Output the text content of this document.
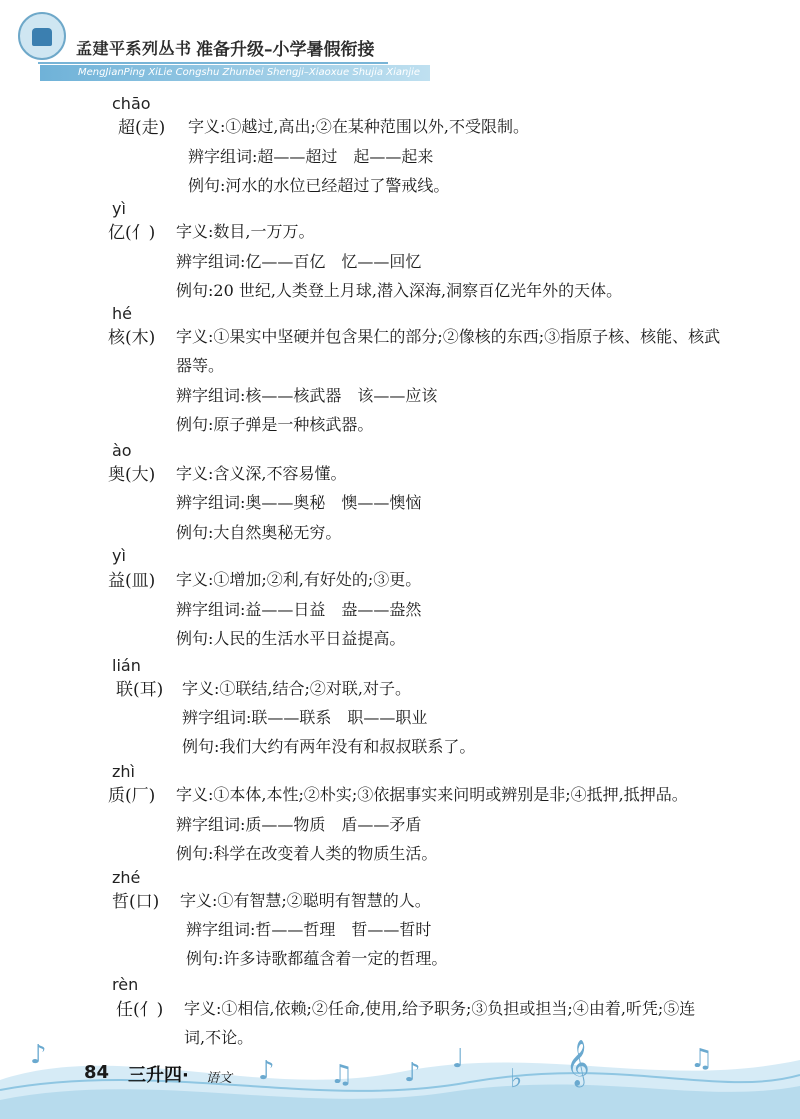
孟建平系列丛书 准备升级–小学暑假衔接
MengJianPing XiLie Congshu Zhunbei Shengji–Xiaoxue Shujia Xianjie
chāo
超(走) 字义:①越过,高出;②在某种范围以外,不受限制。
辨字组词:超——超过　起——起来
例句:河水的水位已经超过了警戒线。
yì
亿(亻) 字义:数目,一万万。
辨字组词:亿——百亿　忆——回忆
例句:20 世纪,人类登上月球,潜入深海,洞察百亿光年外的天体。
hé
核(木) 字义:①果实中坚硬并包含果仁的部分;②像核的东西;③指原子核、核能、核武
器等。
辨字组词:核——核武器　该——应该
例句:原子弹是一种核武器。
ào
奥(大) 字义:含义深,不容易懂。
辨字组词:奥——奥秘　懊——懊恼
例句:大自然奥秘无穷。
yì
益(皿) 字义:①增加;②利,有好处的;③更。
辨字组词:益——日益　盎——盎然
例句:人民的生活水平日益提高。
lián
联(耳) 字义:①联结,结合;②对联,对子。
辨字组词:联——联系　职——职业
例句:我们大约有两年没有和叔叔联系了。
zhì
质(厂) 字义:①本体,本性;②朴实;③依据事实来问明或辨别是非;④抵押,抵押品。
辨字组词:质——物质　盾——矛盾
例句:科学在改变着人类的物质生活。
zhé
哲(口) 字义:①有智慧;②聪明有智慧的人。
辨字组词:哲——哲理　晢——晢时
例句:许多诗歌都蕴含着一定的哲理。
rèn
任(亻) 字义:①相信,依赖;②任命,使用,给予职务;③负担或担当;④由着,听凭;⑤连
词,不论。
♪ ♫ ♪ ♩
♭ 𝄞	♫
♪
84 三升四· 语文
